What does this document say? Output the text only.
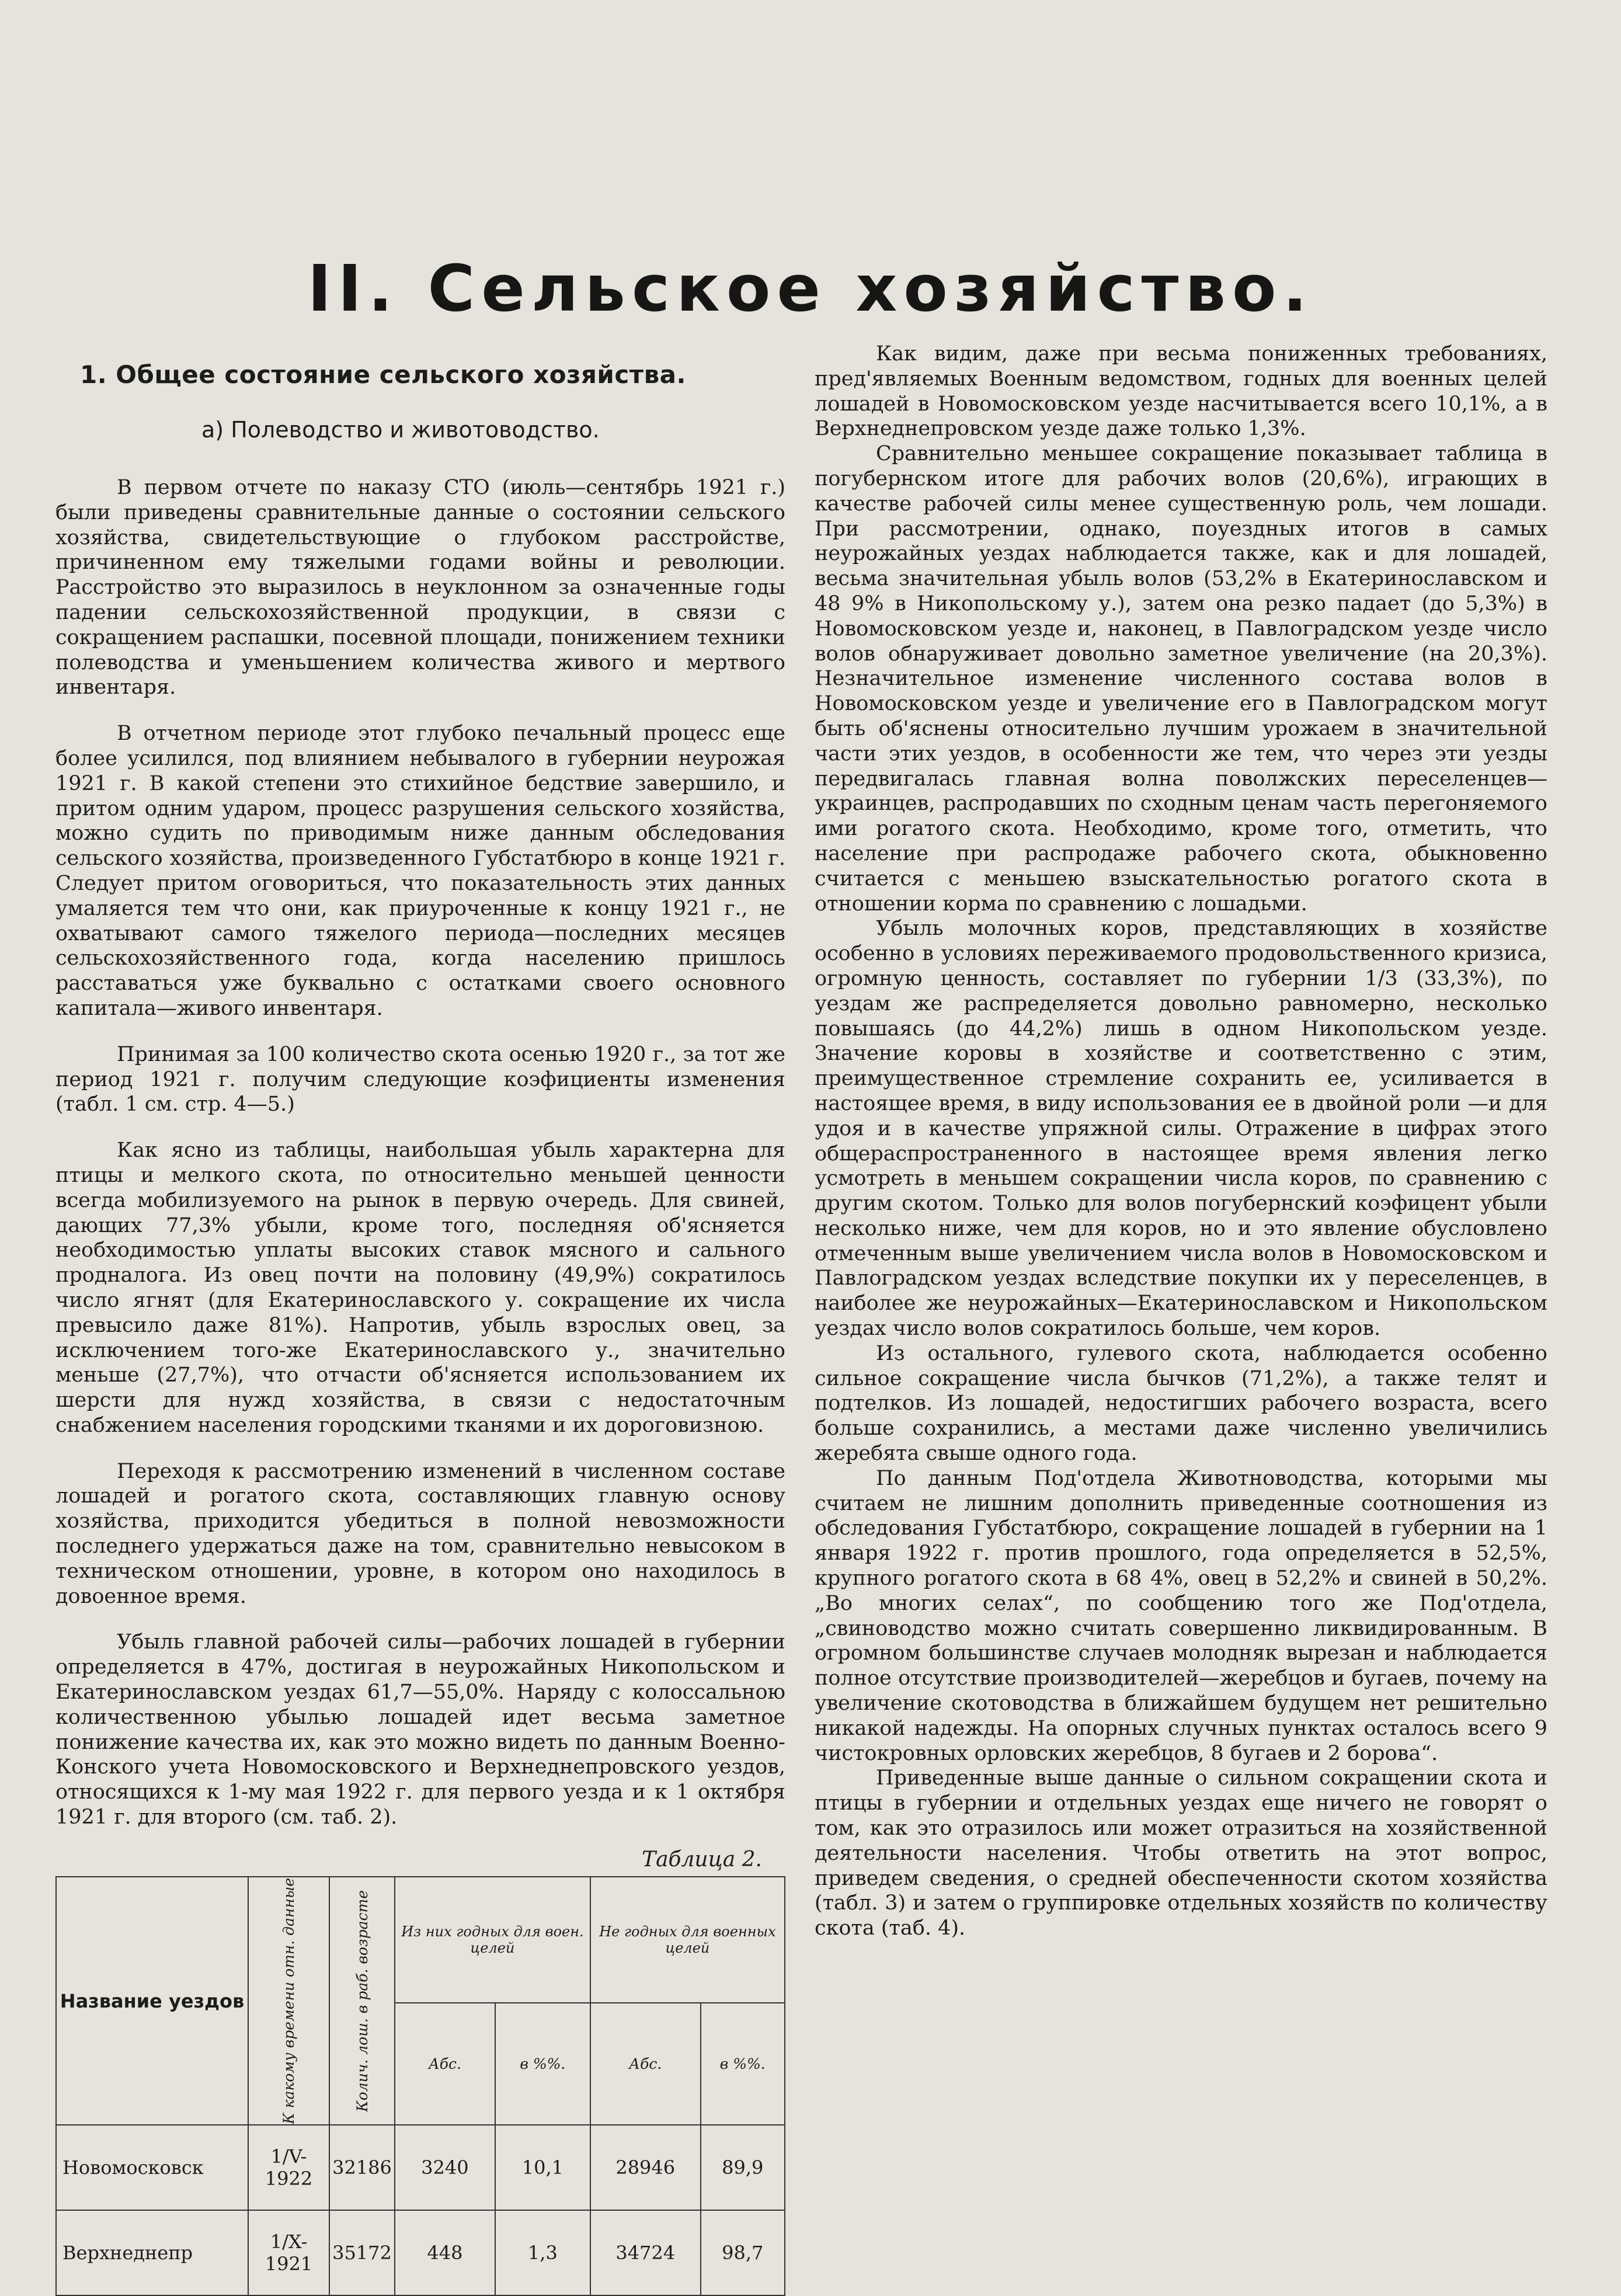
II. Сельское хозяйство.
1. Общее состояние сельского хозяйства.
а) Полеводство и животоводство.

В первом отчете по наказу СТО (июль—сентябрь 1921 г.) были приведены сравнительные данные о состоянии сельского хозяйства, свидетельствующие о глубоком расстройстве, причиненном ему тяжелыми годами войны и революции. Расстройство это выразилось в неуклонном за означенные годы падении сельскохозяйственной продукции, в связи с сокращением распашки, посевной площади, понижением техники полеводства и уменьшением количества живого и мертвого инвентаря.

В отчетном периоде этот глубоко печальный процесс еще более усилился, под влиянием небывалого в губернии неурожая 1921 г. В какой степени это стихийное бедствие завершило, и притом одним ударом, процесс разрушения сельского хозяйства, можно судить по приводимым ниже данным обследования сельского хозяйства, произведенного Губстатбюро в конце 1921 г. Следует притом оговориться, что показательность этих данных умаляется тем что они, как приуроченные к концу 1921 г., не охватывают самого тяжелого периода—последних месяцев сельскохозяйственного года, когда населению пришлось расставаться уже буквально с остатками своего основного капитала—живого инвентаря.

Принимая за 100 количество скота осенью 1920 г., за тот же период 1921 г. получим следующие коэфициенты изменения (табл. 1 см. стр. 4—5.)

Как ясно из таблицы, наибольшая убыль характерна для птицы и мелкого скота, по относительно меньшей ценности всегда мобилизуемого на рынок в первую очередь. Для свиней, дающих 77,3% убыли, кроме того, последняя об'ясняется необходимостью уплаты высоких ставок мясного и сального продналога. Из овец почти на половину (49,9%) сократилось число ягнят (для Екатеринославского у. сокращение их числа превысило даже 81%). Напротив, убыль взрослых овец, за исключением того-же Екатеринославского у., значительно меньше (27,7%), что отчасти об'ясняется использованием их шерсти для нужд хозяйства, в связи с недостаточным снабжением населения городскими тканями и их дороговизною.

Переходя к рассмотрению изменений в численном составе лошадей и рогатого скота, составляющих главную основу хозяйства, приходится убедиться в полной невозможности последнего удержаться даже на том, сравнительно невысоком в техническом отношении, уровне, в котором оно находилось в довоенное время.

Убыль главной рабочей силы—рабочих лошадей в губернии определяется в 47%, достигая в неурожайных Никопольском и Екатеринославском уездах 61,7—55,0%. Наряду с колоссальною количественною убылью лошадей идет весьма заметное понижение качества их, как это можно видеть по данным Военно-Конского учета Новомосковского и Верхнеднепровского уездов, относящихся к 1-му мая 1922 г. для первого уезда и к 1 октября 1921 г. для второго (см. таб. 2).

Таблица 2.
Название уездов	К какому времени отн. данные	Колич. лош. в раб. возрасте	Из них годных для воен. целей		Не годных для военных целей	
			Абс.	в %%.	Абс.	в %%.
Новомосковск	1/V-1922	32186	3240	10,1	28946	89,9
Верхнеднепр	1/X-1921	35172	448	1,3	34724	98,7

Как видим, даже при весьма пониженных требованиях, пред'являемых Военным ведомством, годных для военных целей лошадей в Новомосковском уезде насчитывается всего 10,1%, а в Верхнеднепровском уезде даже только 1,3%.

Сравнительно меньшее сокращение показывает таблица в погубернском итоге для рабочих волов (20,6%), играющих в качестве рабочей силы менее существенную роль, чем лошади. При рассмотрении, однако, поуездных итогов в самых неурожайных уездах наблюдается также, как и для лошадей, весьма значительная убыль волов (53,2% в Екатеринославском и 48 9% в Никопольскому у.), затем она резко падает (до 5,3%) в Новомосковском уезде и, наконец, в Павлоградском уезде число волов обнаруживает довольно заметное увеличение (на 20,3%). Незначительное изменение численного состава волов в Новомосковском уезде и увеличение его в Павлоградском могут быть об'яснены относительно лучшим урожаем в значительной части этих уездов, в особенности же тем, что через эти уезды передвигалась главная волна поволжских переселенцев—украинцев, распродавших по сходным ценам часть перегоняемого ими рогатого скота. Необходимо, кроме того, отметить, что население при распродаже рабочего скота, обыкновенно считается с меньшею взыскательностью рогатого скота в отношении корма по сравнению с лошадьми.

Убыль молочных коров, представляющих в хозяйстве особенно в условиях переживаемого продовольственного кризиса, огромную ценность, составляет по губернии 1/3 (33,3%), по уездам же распределяется довольно равномерно, несколько повышаясь (до 44,2%) лишь в одном Никопольском уезде. Значение коровы в хозяйстве и соответственно с этим, преимущественное стремление сохранить ее, усиливается в настоящее время, в виду использования ее в двойной роли —и для удоя и в качестве упряжной силы. Отражение в цифрах этого общераспространенного в настоящее время явления легко усмотреть в меньшем сокращении числа коров, по сравнению с другим скотом. Только для волов погубернский коэфицент убыли несколько ниже, чем для коров, но и это явление обусловлено отмеченным выше увеличением числа волов в Новомосковском и Павлоградском уездах вследствие покупки их у переселенцев, в наиболее же неурожайных—Екатеринославском и Никопольском уездах число волов сократилось больше, чем коров.

Из остального, гулевого скота, наблюдается особенно сильное сокращение числа бычков (71,2%), а также телят и подтелков. Из лошадей, недостигших рабочего возраста, всего больше сохранились, а местами даже численно увеличились жеребята свыше одного года.

По данным Под'отдела Животноводства, которыми мы считаем не лишним дополнить приведенные соотношения из обследования Губстатбюро, сокращение лошадей в губернии на 1 января 1922 г. против прошлого, года определяется в 52,5%, крупного рогатого скота в 68 4%, овец в 52,2% и свиней в 50,2%. „Во многих селах“, по сообщению того же Под'отдела, „свиноводство можно считать совершенно ликвидированным. В огромном большинстве случаев молодняк вырезан и наблюдается полное отсутствие производителей—жеребцов и бугаев, почему на увеличение скотоводства в ближайшем будущем нет решительно никакой надежды. На опорных случных пунктах осталось всего 9 чистокровных орловских жеребцов, 8 бугаев и 2 борова“.

Приведенные выше данные о сильном сокращении скота и птицы в губернии и отдельных уездах еще ничего не говорят о том, как это отразилось или может отразиться на хозяйственной деятельности населения. Чтобы ответить на этот вопрос, приведем сведения, о средней обеспеченности скотом хозяйства (табл. 3) и затем о группировке отдельных хозяйств по количеству скота (таб. 4).
